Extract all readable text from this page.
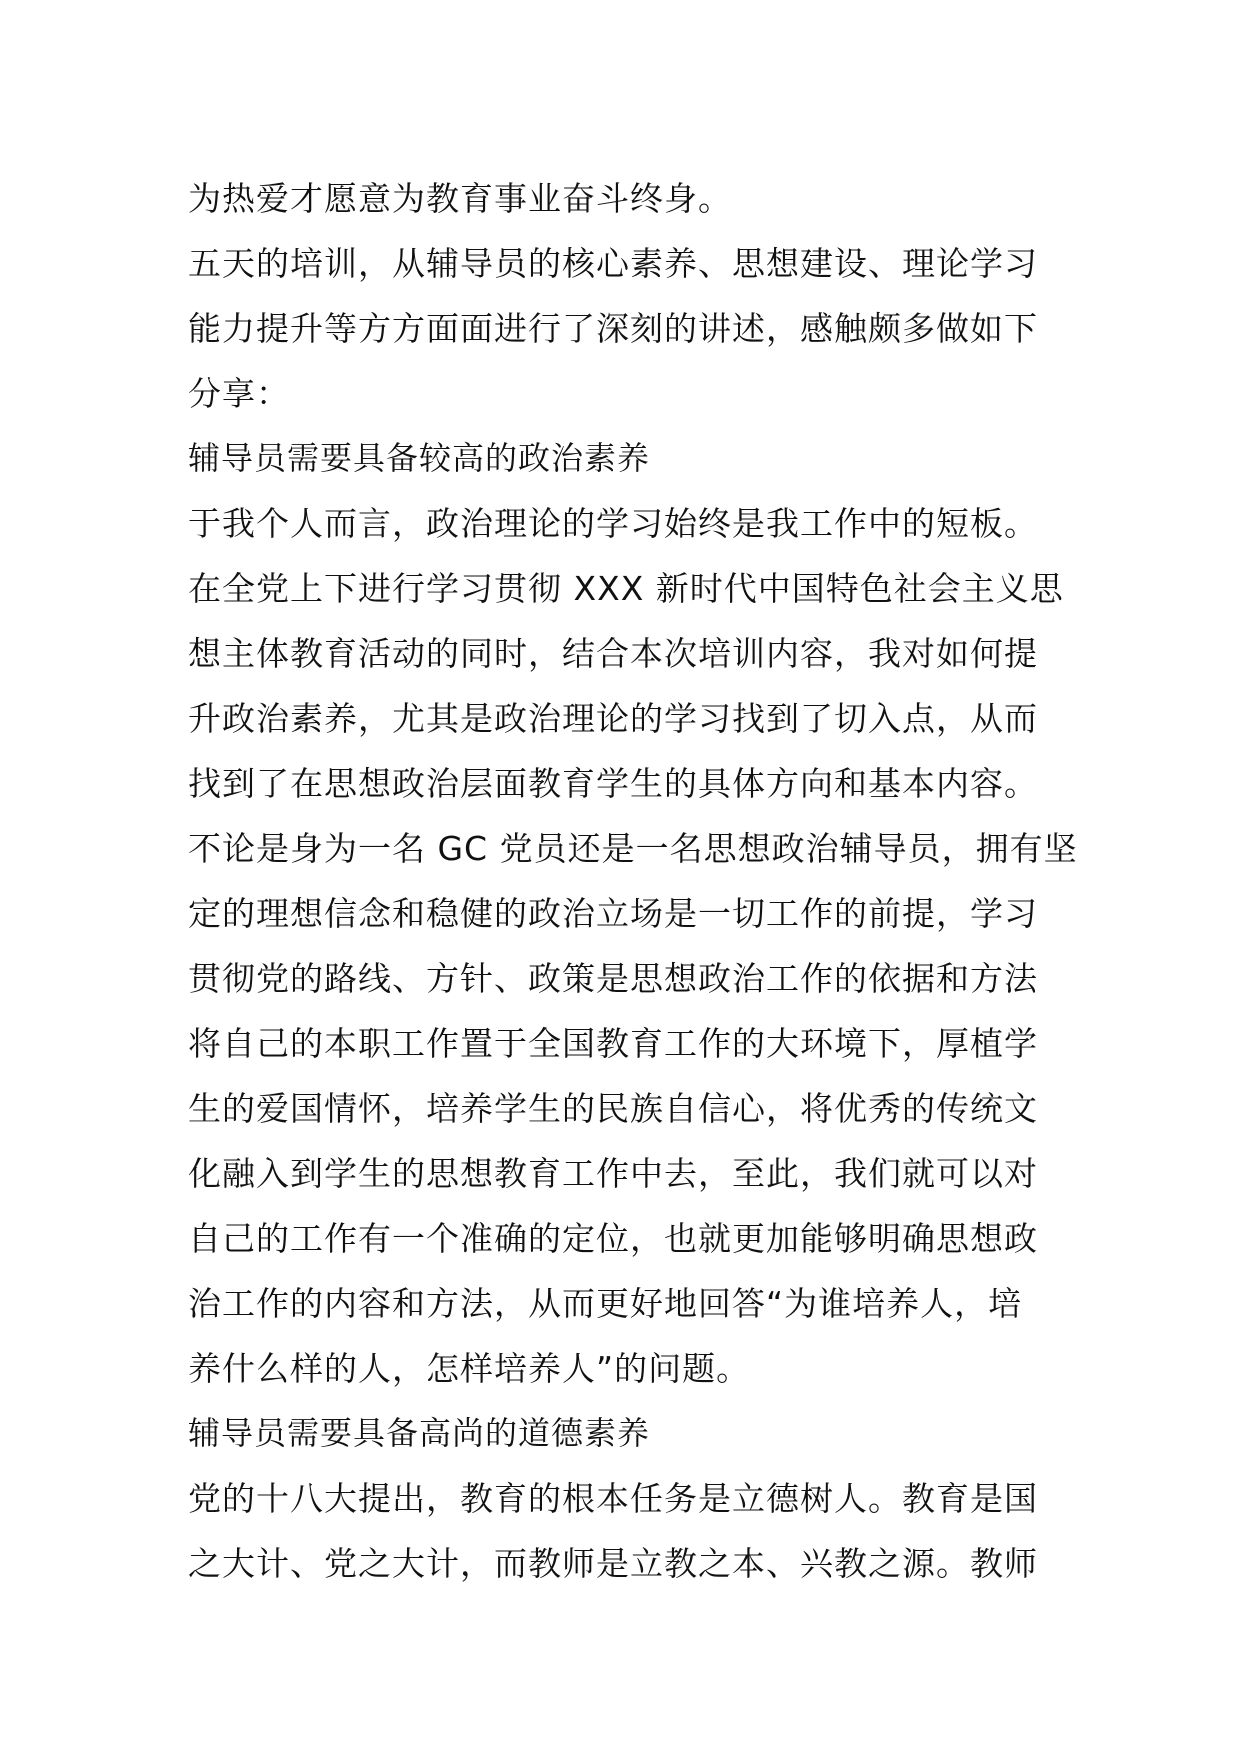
为热爱才愿意为教育事业奋斗终身。
五天的培训，从辅导员的核心素养、思想建设、理论学习
能力提升等方方面面进行了深刻的讲述，感触颇多做如下
分享：
辅导员需要具备较高的政治素养
于我个人而言，政治理论的学习始终是我工作中的短板。
在全党上下进行学习贯彻 XXX 新时代中国特色社会主义思
想主体教育活动的同时，结合本次培训内容，我对如何提
升政治素养，尤其是政治理论的学习找到了切入点，从而
找到了在思想政治层面教育学生的具体方向和基本内容。
不论是身为一名 GC 党员还是一名思想政治辅导员，拥有坚
定的理想信念和稳健的政治立场是一切工作的前提，学习
贯彻党的路线、方针、政策是思想政治工作的依据和方法
将自己的本职工作置于全国教育工作的大环境下，厚植学
生的爱国情怀，培养学生的民族自信心，将优秀的传统文
化融入到学生的思想教育工作中去，至此，我们就可以对
自己的工作有一个准确的定位，也就更加能够明确思想政
治工作的内容和方法，从而更好地回答“为谁培养人，培
养什么样的人，怎样培养人”的问题。
辅导员需要具备高尚的道德素养
党的十八大提出，教育的根本任务是立德树人。教育是国
之大计、党之大计，而教师是立教之本、兴教之源。教师
